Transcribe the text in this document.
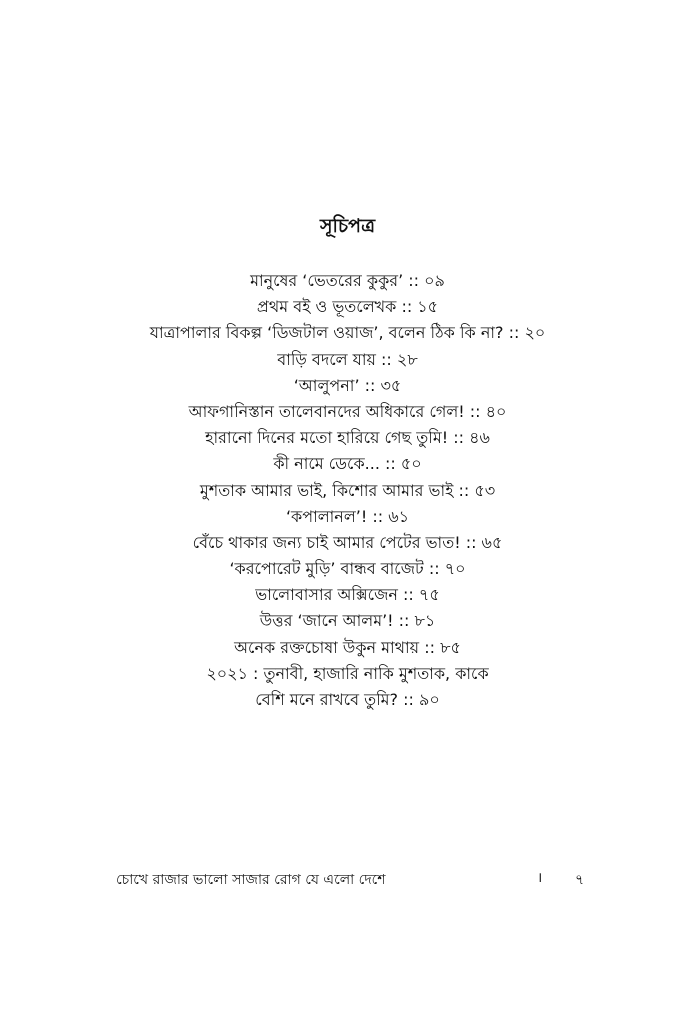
সূচিপত্র
মানুষের ‘ভেতরের কুকুর’ :: ০৯
প্রথম বই ও ভূতলেখক :: ১৫
যাত্রাপালার বিকল্প ‘ডিজটাল ওয়াজ’, বলেন ঠিক কি না? :: ২০
বাড়ি বদলে যায় :: ২৮
‘আলুপনা’ :: ৩৫
আফগানিস্তান তালেবানদের অধিকারে গেল! :: ৪০
হারানো দিনের মতো হারিয়ে গেছ তুমি! :: ৪৬
কী নামে ডেকে... :: ৫০
মুশতাক আমার ভাই, কিশোর আমার ভাই :: ৫৩
‘কপালানল’! :: ৬১
বেঁচে থাকার জন্য চাই আমার পেটের ভাত! :: ৬৫
‘করপোরেট মুড়ি’ বান্ধব বাজেট :: ৭০
ভালোবাসার অক্সিজেন :: ৭৫
উত্তর ‘জানে আলম’! :: ৮১
অনেক রক্তচোষা উকুন মাথায় :: ৮৫
২০২১ : তুনাবী, হাজারি নাকি মুশতাক, কাকে
বেশি মনে রাখবে তুমি? :: ৯০
চোখে রাজার ভালো সাজার রোগ যে এলো দেশে	। ৭
